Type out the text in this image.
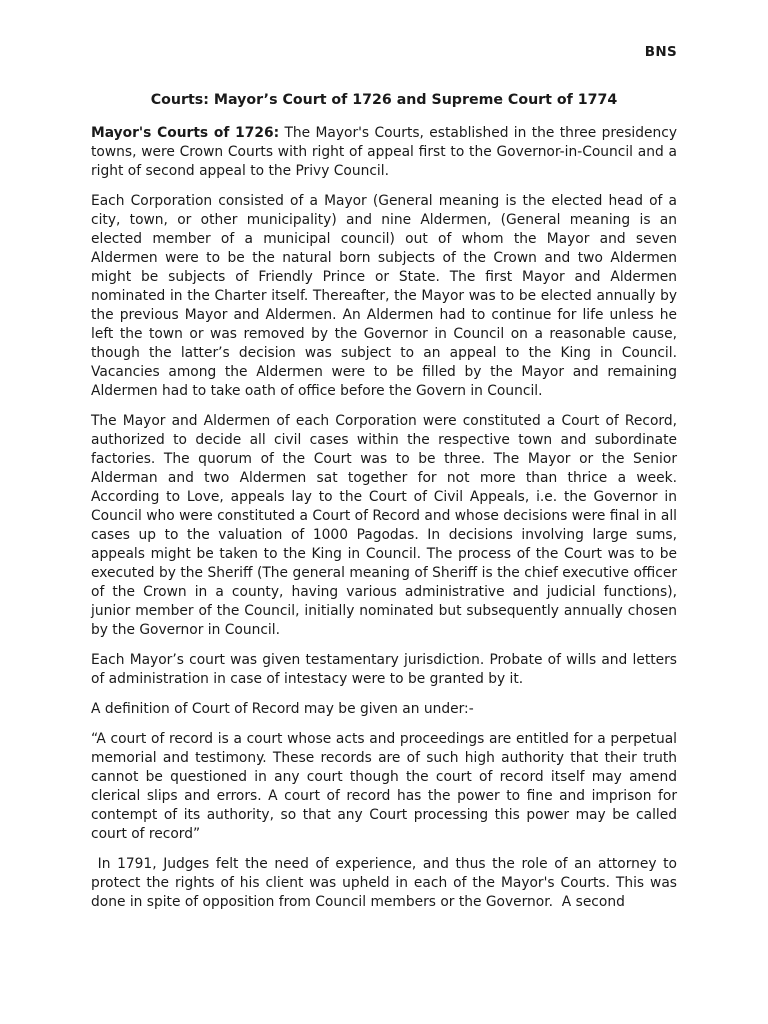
BNS
Courts: Mayor’s Court of 1726 and Supreme Court of 1774

Mayor's Courts of 1726: The Mayor's Courts, established in the three presidency towns, were Crown Courts with right of appeal first to the Governor-in-Council and a right of second appeal to the Privy Council.

Each Corporation consisted of a Mayor (General meaning is the elected head of a city, town, or other municipality) and nine Aldermen, (General meaning is an elected member of a municipal council) out of whom the Mayor and seven Aldermen were to be the natural born subjects of the Crown and two Aldermen might be subjects of Friendly Prince or State. The first Mayor and Aldermen nominated in the Charter itself. Thereafter, the Mayor was to be elected annually by the previous Mayor and Aldermen. An Aldermen had to continue for life unless he left the town or was removed by the Governor in Council on a reasonable cause, though the latter’s decision was subject to an appeal to the King in Council. Vacancies among the Aldermen were to be filled by the Mayor and remaining Aldermen had to take oath of office before the Govern in Council.

The Mayor and Aldermen of each Corporation were constituted a Court of Record, authorized to decide all civil cases within the respective town and subordinate factories. The quorum of the Court was to be three. The Mayor or the Senior Alderman and two Aldermen sat together for not more than thrice a week. According to Love, appeals lay to the Court of Civil Appeals, i.e. the Governor in Council who were constituted a Court of Record and whose decisions were final in all cases up to the valuation of 1000 Pagodas. In decisions involving large sums, appeals might be taken to the King in Council. The process of the Court was to be executed by the Sheriff (The general meaning of Sheriff is the chief executive officer of the Crown in a county, having various administrative and judicial functions), junior member of the Council, initially nominated but subsequently annually chosen by the Governor in Council.

Each Mayor’s court was given testamentary jurisdiction. Probate of wills and letters of administration in case of intestacy were to be granted by it.

A definition of Court of Record may be given an under:-

“A court of record is a court whose acts and proceedings are entitled for a perpetual memorial and testimony. These records are of such high authority that their truth cannot be questioned in any court though the court of record itself may amend clerical slips and errors. A court of record has the power to fine and imprison for contempt of its authority, so that any Court processing this power may be called court of record”

In 1791, Judges felt the need of experience, and thus the role of an attorney to protect the rights of his client was upheld in each of the Mayor's Courts. This was done in spite of opposition from Council members or the Governor.  A second
